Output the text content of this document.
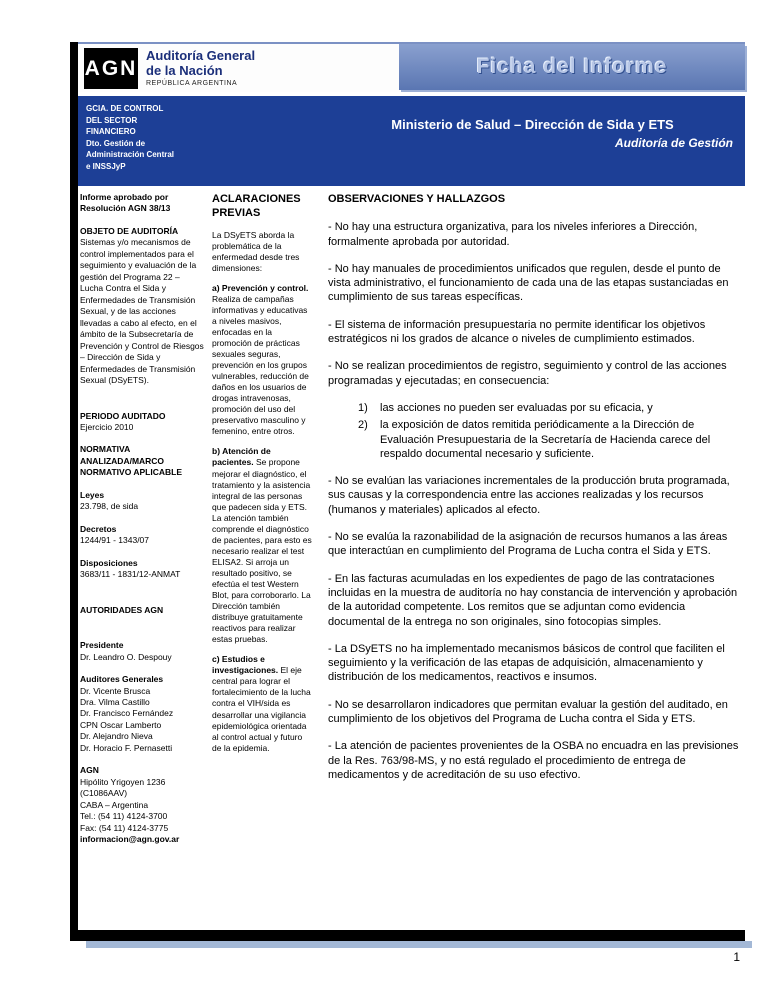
AGN
Auditoría General
de la Nación
REPÚBLICA ARGENTINA
Ficha del Informe
GCIA. DE CONTROL
DEL SECTOR
FINANCIERO
Dto. Gestión de
Administración Central
e INSSJyP
Ministerio de Salud – Dirección de Sida y ETS
Auditoría de Gestión
Informe aprobado por Resolución AGN 38/13
OBJETO DE AUDITORÍA
Sistemas y/o mecanismos de control implementados para el seguimiento y evaluación de la gestión del Programa 22 – Lucha Contra el Sida y Enfermedades de Transmisión Sexual, y de las acciones llevadas a cabo al efecto, en el ámbito de la Subsecretaría de Prevención y Control de Riesgos – Dirección de Sida y Enfermedades de Transmisión Sexual (DSyETS).
PERIODO AUDITADO
Ejercicio 2010
NORMATIVA ANALIZADA/MARCO NORMATIVO APLICABLE
Leyes
23.798, de sida
Decretos
1244/91 - 1343/07
Disposiciones
3683/11 - 1831/12-ANMAT
AUTORIDADES AGN
Presidente
Dr. Leandro O. Despouy
Auditores Generales
Dr. Vicente Brusca
Dra. Vilma Castillo
Dr. Francisco Fernández
CPN Oscar Lamberto
Dr. Alejandro Nieva
Dr. Horacio F. Pernasetti
AGN
Hipólito Yrigoyen 1236
(C1086AAV)
CABA – Argentina
Tel.: (54 11) 4124-3700
Fax: (54 11) 4124-3775
informacion@agn.gov.ar
ACLARACIONES PREVIAS

La DSyETS aborda la problemática de la enfermedad desde tres dimensiones:

a) Prevención y control. Realiza de campañas informativas y educativas a niveles masivos, enfocadas en la promoción de prácticas sexuales seguras, prevención en los grupos vulnerables, reducción de daños en los usuarios de drogas intravenosas, promoción del uso del preservativo masculino y femenino, entre otros.

b) Atención de pacientes. Se propone mejorar el diagnóstico, el tratamiento y la asistencia integral de las personas que padecen sida y ETS. La atención también comprende el diagnóstico de pacientes, para esto es necesario realizar el test ELISA2. Si arroja un resultado positivo, se efectúa el test Western Blot, para corroborarlo. La Dirección también distribuye gratuitamente reactivos para realizar estas pruebas.

c) Estudios e investigaciones. El eje central para lograr el fortalecimiento de la lucha contra el VIH/sida es desarrollar una vigilancia epidemiológica orientada al control actual y futuro de la epidemia.

OBSERVACIONES Y HALLAZGOS

- No hay una estructura organizativa, para los niveles inferiores a Dirección, formalmente aprobada por autoridad.

- No hay manuales de procedimientos unificados que regulen, desde el punto de vista administrativo, el funcionamiento de cada una de las etapas sustanciadas en cumplimiento de sus tareas específicas.

- El sistema de información presupuestaria no permite identificar los objetivos estratégicos ni los grados de alcance o niveles de cumplimiento estimados.

- No se realizan procedimientos de registro, seguimiento y control de las acciones programadas y ejecutadas; en consecuencia:

1)	las acciones no pueden ser evaluadas por su eficacia, y
2)	la exposición de datos remitida periódicamente a la Dirección de Evaluación Presupuestaria de la Secretaría de Hacienda carece del respaldo documental necesario y suficiente.

- No se evalúan las variaciones incrementales de la producción bruta programada, sus causas y la correspondencia entre las acciones realizadas y los recursos (humanos y materiales) aplicados al efecto.

- No se evalúa la razonabilidad de la asignación de recursos humanos a las áreas que interactúan en cumplimiento del Programa de Lucha contra el Sida y ETS.

- En las facturas acumuladas en los expedientes de pago de las contrataciones incluidas en la muestra de auditoría no hay constancia de intervención y aprobación de la autoridad competente. Los remitos que se adjuntan como evidencia documental de la entrega no son originales, sino fotocopias simples.

- La DSyETS no ha implementado mecanismos básicos de control que faciliten el seguimiento y la verificación de las etapas de adquisición, almacenamiento y distribución de los medicamentos, reactivos e insumos.

- No se desarrollaron indicadores que permitan evaluar la gestión del auditado, en cumplimiento de los objetivos del Programa de Lucha contra el Sida y ETS.

- La atención de pacientes provenientes de la OSBA no encuadra en las previsiones de la Res. 763/98-MS, y no está regulado el procedimiento de entrega de medicamentos y de acreditación de su uso efectivo.

1
